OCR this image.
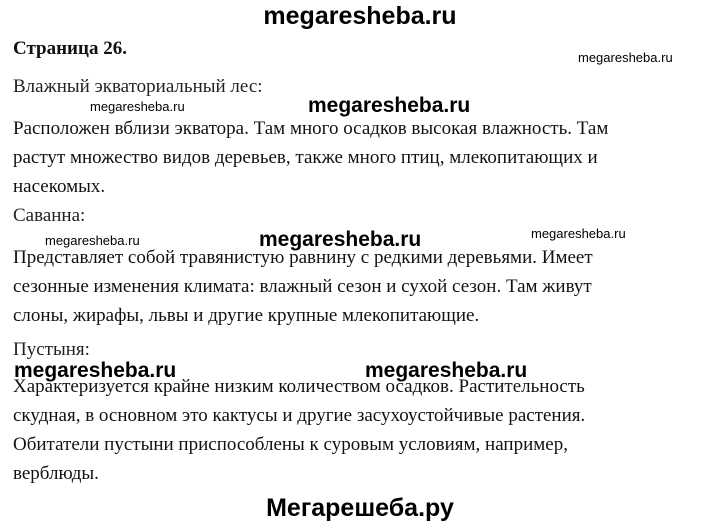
megaresheba.ru
Страница 26.	megaresheba.ru
Влажный экваториальный лес:
megaresheba.ru	megaresheba.ru
Расположен вблизи экватора. Там много осадков высокая влажность. Там
растут множество видов деревьев, также много птиц, млекопитающих и
насекомых.
Саванна:
megaresheba.ru	megaresheba.ru	megaresheba.ru
Представляет собой травянистую равнину с редкими деревьями. Имеет
сезонные изменения климата: влажный сезон и сухой сезон. Там живут
слоны, жирафы, львы и другие крупные млекопитающие.
Пустыня:
megaresheba.ru	megaresheba.ru
Характеризуется крайне низким количеством осадков. Растительность
скудная, в основном это кактусы и другие засухоустойчивые растения.
Обитатели пустыни приспособлены к суровым условиям, например,
верблюды.
Мегарешеба.ру
